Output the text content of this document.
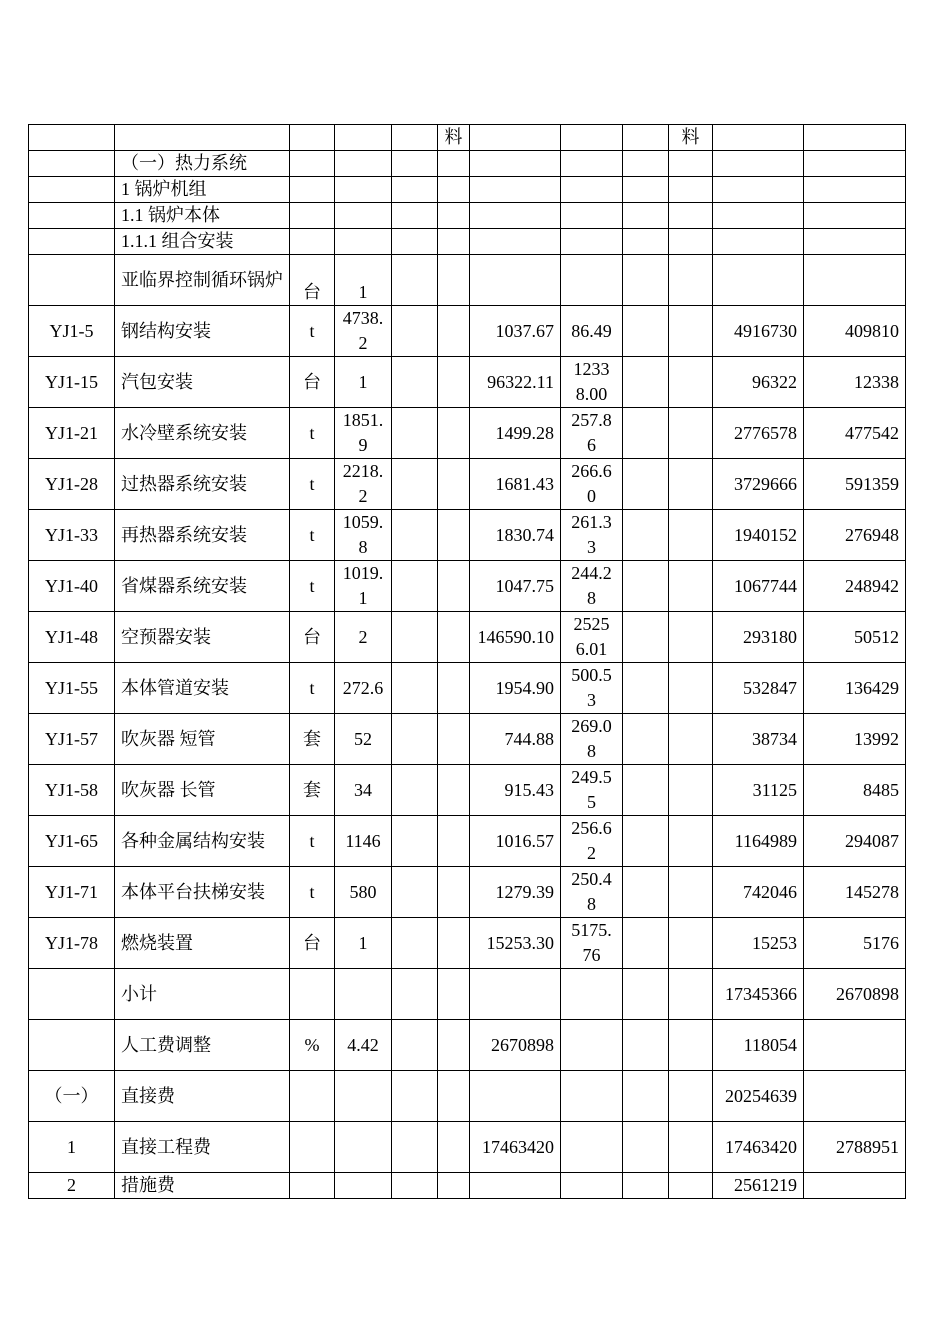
					料				料		
	（一）热力系统										
	1 锅炉机组										
	1.1 锅炉本体										
	1.1.1 组合安装										
	亚临界控制循环锅炉	台	1								
YJ1-5	钢结构安装	t	4738.2			1037.67	86.49			4916730	409810
YJ1-15	汽包安装	台	1			96322.11	12338.00			96322	12338
YJ1-21	水冷壁系统安装	t	1851.9			1499.28	257.86			2776578	477542
YJ1-28	过热器系统安装	t	2218.2			1681.43	266.60			3729666	591359
YJ1-33	再热器系统安装	t	1059.8			1830.74	261.33			1940152	276948
YJ1-40	省煤器系统安装	t	1019.1			1047.75	244.28			1067744	248942
YJ1-48	空预器安装	台	2			146590.10	25256.01			293180	50512
YJ1-55	本体管道安装	t	272.6			1954.90	500.53			532847	136429
YJ1-57	吹灰器 短管	套	52			744.88	269.08			38734	13992
YJ1-58	吹灰器 长管	套	34			915.43	249.55			31125	8485
YJ1-65	各种金属结构安装	t	1146			1016.57	256.62			1164989	294087
YJ1-71	本体平台扶梯安装	t	580			1279.39	250.48			742046	145278
YJ1-78	燃烧装置	台	1			15253.30	5175.76			15253	5176
	小计									17345366	2670898
	人工费调整	%	4.42			2670898				118054	
（一）	直接费									20254639	
1	直接工程费					17463420				17463420	2788951
2	措施费									2561219	
